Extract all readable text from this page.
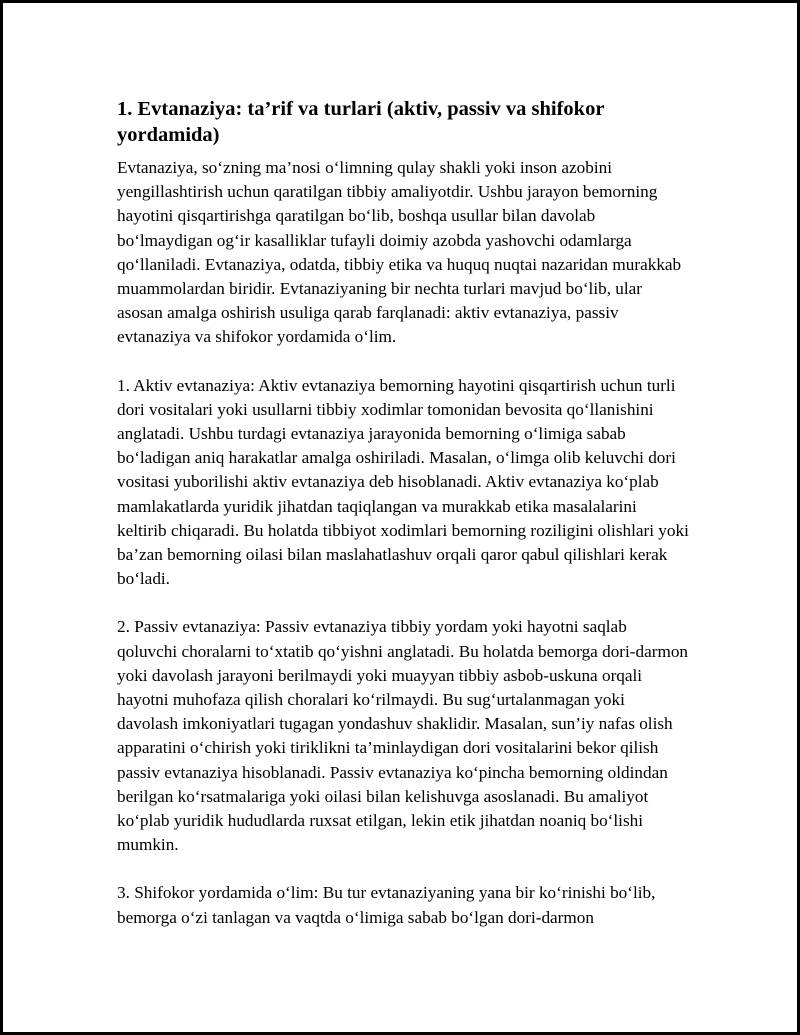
1. Evtanaziya: ta’rif va turlari (aktiv, passiv va shifokor yordamida)

Evtanaziya, so‘zning ma’nosi o‘limning qulay shakli yoki inson azobini yengillashtirish uchun qaratilgan tibbiy amaliyotdir. Ushbu jarayon bemorning hayotini qisqartirishga qaratilgan bo‘lib, boshqa usullar bilan davolab bo‘lmaydigan og‘ir kasalliklar tufayli doimiy azobda yashovchi odamlarga qo‘llaniladi. Evtanaziya, odatda, tibbiy etika va huquq nuqtai nazaridan murakkab muammolardan biridir. Evtanaziyaning bir nechta turlari mavjud bo‘lib, ular asosan amalga oshirish usuliga qarab farqlanadi: aktiv evtanaziya, passiv evtanaziya va shifokor yordamida o‘lim.

1. Aktiv evtanaziya: Aktiv evtanaziya bemorning hayotini qisqartirish uchun turli dori vositalari yoki usullarni tibbiy xodimlar tomonidan bevosita qo‘llanishini anglatadi. Ushbu turdagi evtanaziya jarayonida bemorning o‘limiga sabab bo‘ladigan aniq harakatlar amalga oshiriladi. Masalan, o‘limga olib keluvchi dori vositasi yuborilishi aktiv evtanaziya deb hisoblanadi. Aktiv evtanaziya ko‘plab mamlakatlarda yuridik jihatdan taqiqlangan va murakkab etika masalalarini keltirib chiqaradi. Bu holatda tibbiyot xodimlari bemorning roziligini olishlari yoki ba’zan bemorning oilasi bilan maslahatlashuv orqali qaror qabul qilishlari kerak bo‘ladi.

2. Passiv evtanaziya: Passiv evtanaziya tibbiy yordam yoki hayotni saqlab qoluvchi choralarni to‘xtatib qo‘yishni anglatadi. Bu holatda bemorga dori-darmon yoki davolash jarayoni berilmaydi yoki muayyan tibbiy asbob-uskuna orqali hayotni muhofaza qilish choralari ko‘rilmaydi. Bu sug‘urtalanmagan yoki davolash imkoniyatlari tugagan yondashuv shaklidir. Masalan, sun’iy nafas olish apparatini o‘chirish yoki tiriklikni ta’minlaydigan dori vositalarini bekor qilish passiv evtanaziya hisoblanadi. Passiv evtanaziya ko‘pincha bemorning oldindan berilgan ko‘rsatmalariga yoki oilasi bilan kelishuvga asoslanadi. Bu amaliyot ko‘plab yuridik hududlarda ruxsat etilgan, lekin etik jihatdan noaniq bo‘lishi mumkin.

3. Shifokor yordamida o‘lim: Bu tur evtanaziyaning yana bir ko‘rinishi bo‘lib, bemorga o‘zi tanlagan va vaqtda o‘limiga sabab bo‘lgan dori-darmon
